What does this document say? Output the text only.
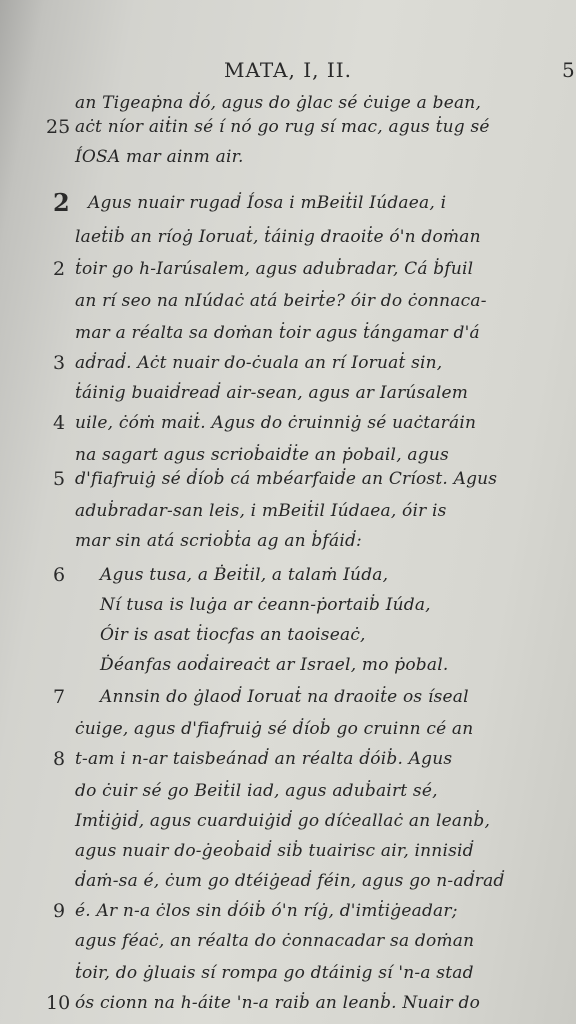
MATA, I, II.	5
an Tigeaṗna ḋó, agus do ġlac sé ċuige a bean,
25 aċt níor aiṫin sé í nó go rug sí mac, agus ṫug sé
ÍOSA mar ainm air.
2 Agus nuair rugaḋ Íosa i mBeiṫil Iúdaea, i
laeṫiḃ an ríoġ Ioruaṫ, ṫáinig draoiṫe ó'n doṁan
2 ṫoir go h-Iarúsalem, agus aduḃradar, Cá ḃfuil
an rí seo na nIúdaċ atá beirṫe? óir do ċonnaca-
mar a réalta sa doṁan ṫoir agus ṫángamar d'á
3 aḋraḋ. Aċt nuair do-ċuala an rí Ioruaṫ sin,
ṫáinig buaiḋreaḋ air-sean, agus ar Iarúsalem
4 uile, ċóṁ maiṫ. Agus do ċruinniġ sé uaċtaráin
na sagart agus scrioḃaiḋṫe an ṗobail, agus
5 d'fiafruiġ sé ḋíoḃ cá mbéarfaiḋe an Críost. Agus
aduḃradar-san leis, i mBeiṫil Iúdaea, óir is
mar sin atá scrioḃṫa ag an ḃfáiḋ:
6 Agus tusa, a Ḃeiṫil, a talaṁ Iúda,
Ní tusa is luġa ar ċeann-ṗortaiḃ Iúda,
Óir is asat ṫiocfas an taoiseaċ,
Ḋéanfas aoḋaireaċt ar Israel, mo ṗobal.
7 Annsin do ġlaoḋ Ioruaṫ na draoiṫe os íseal
ċuige, agus d'fiafruiġ sé ḋíoḃ go cruinn cé an
8 t-am i n-ar taisbeánaḋ an réalta ḋóiḃ. Agus
do ċuir sé go Beiṫil iad, agus aduḃairt sé,
Imṫiġiḋ, agus cuarduiġiḋ go díċeallaċ an leanḃ,
agus nuair do-ġeoḃaiḋ siḃ tuairisc air, innisiḋ
ḋaṁ-sa é, ċum go dtéiġeaḋ féin, agus go n-aḋraḋ
9 é. Ar n-a ċlos sin ḋóiḃ ó'n ríġ, d'imṫiġeadar;
agus féaċ, an réalta do ċonnacadar sa doṁan
ṫoir, do ġluais sí rompa go dtáinig sí 'n-a stad
10 ós cionn na h-áite 'n-a raiḃ an leanḃ. Nuair do
